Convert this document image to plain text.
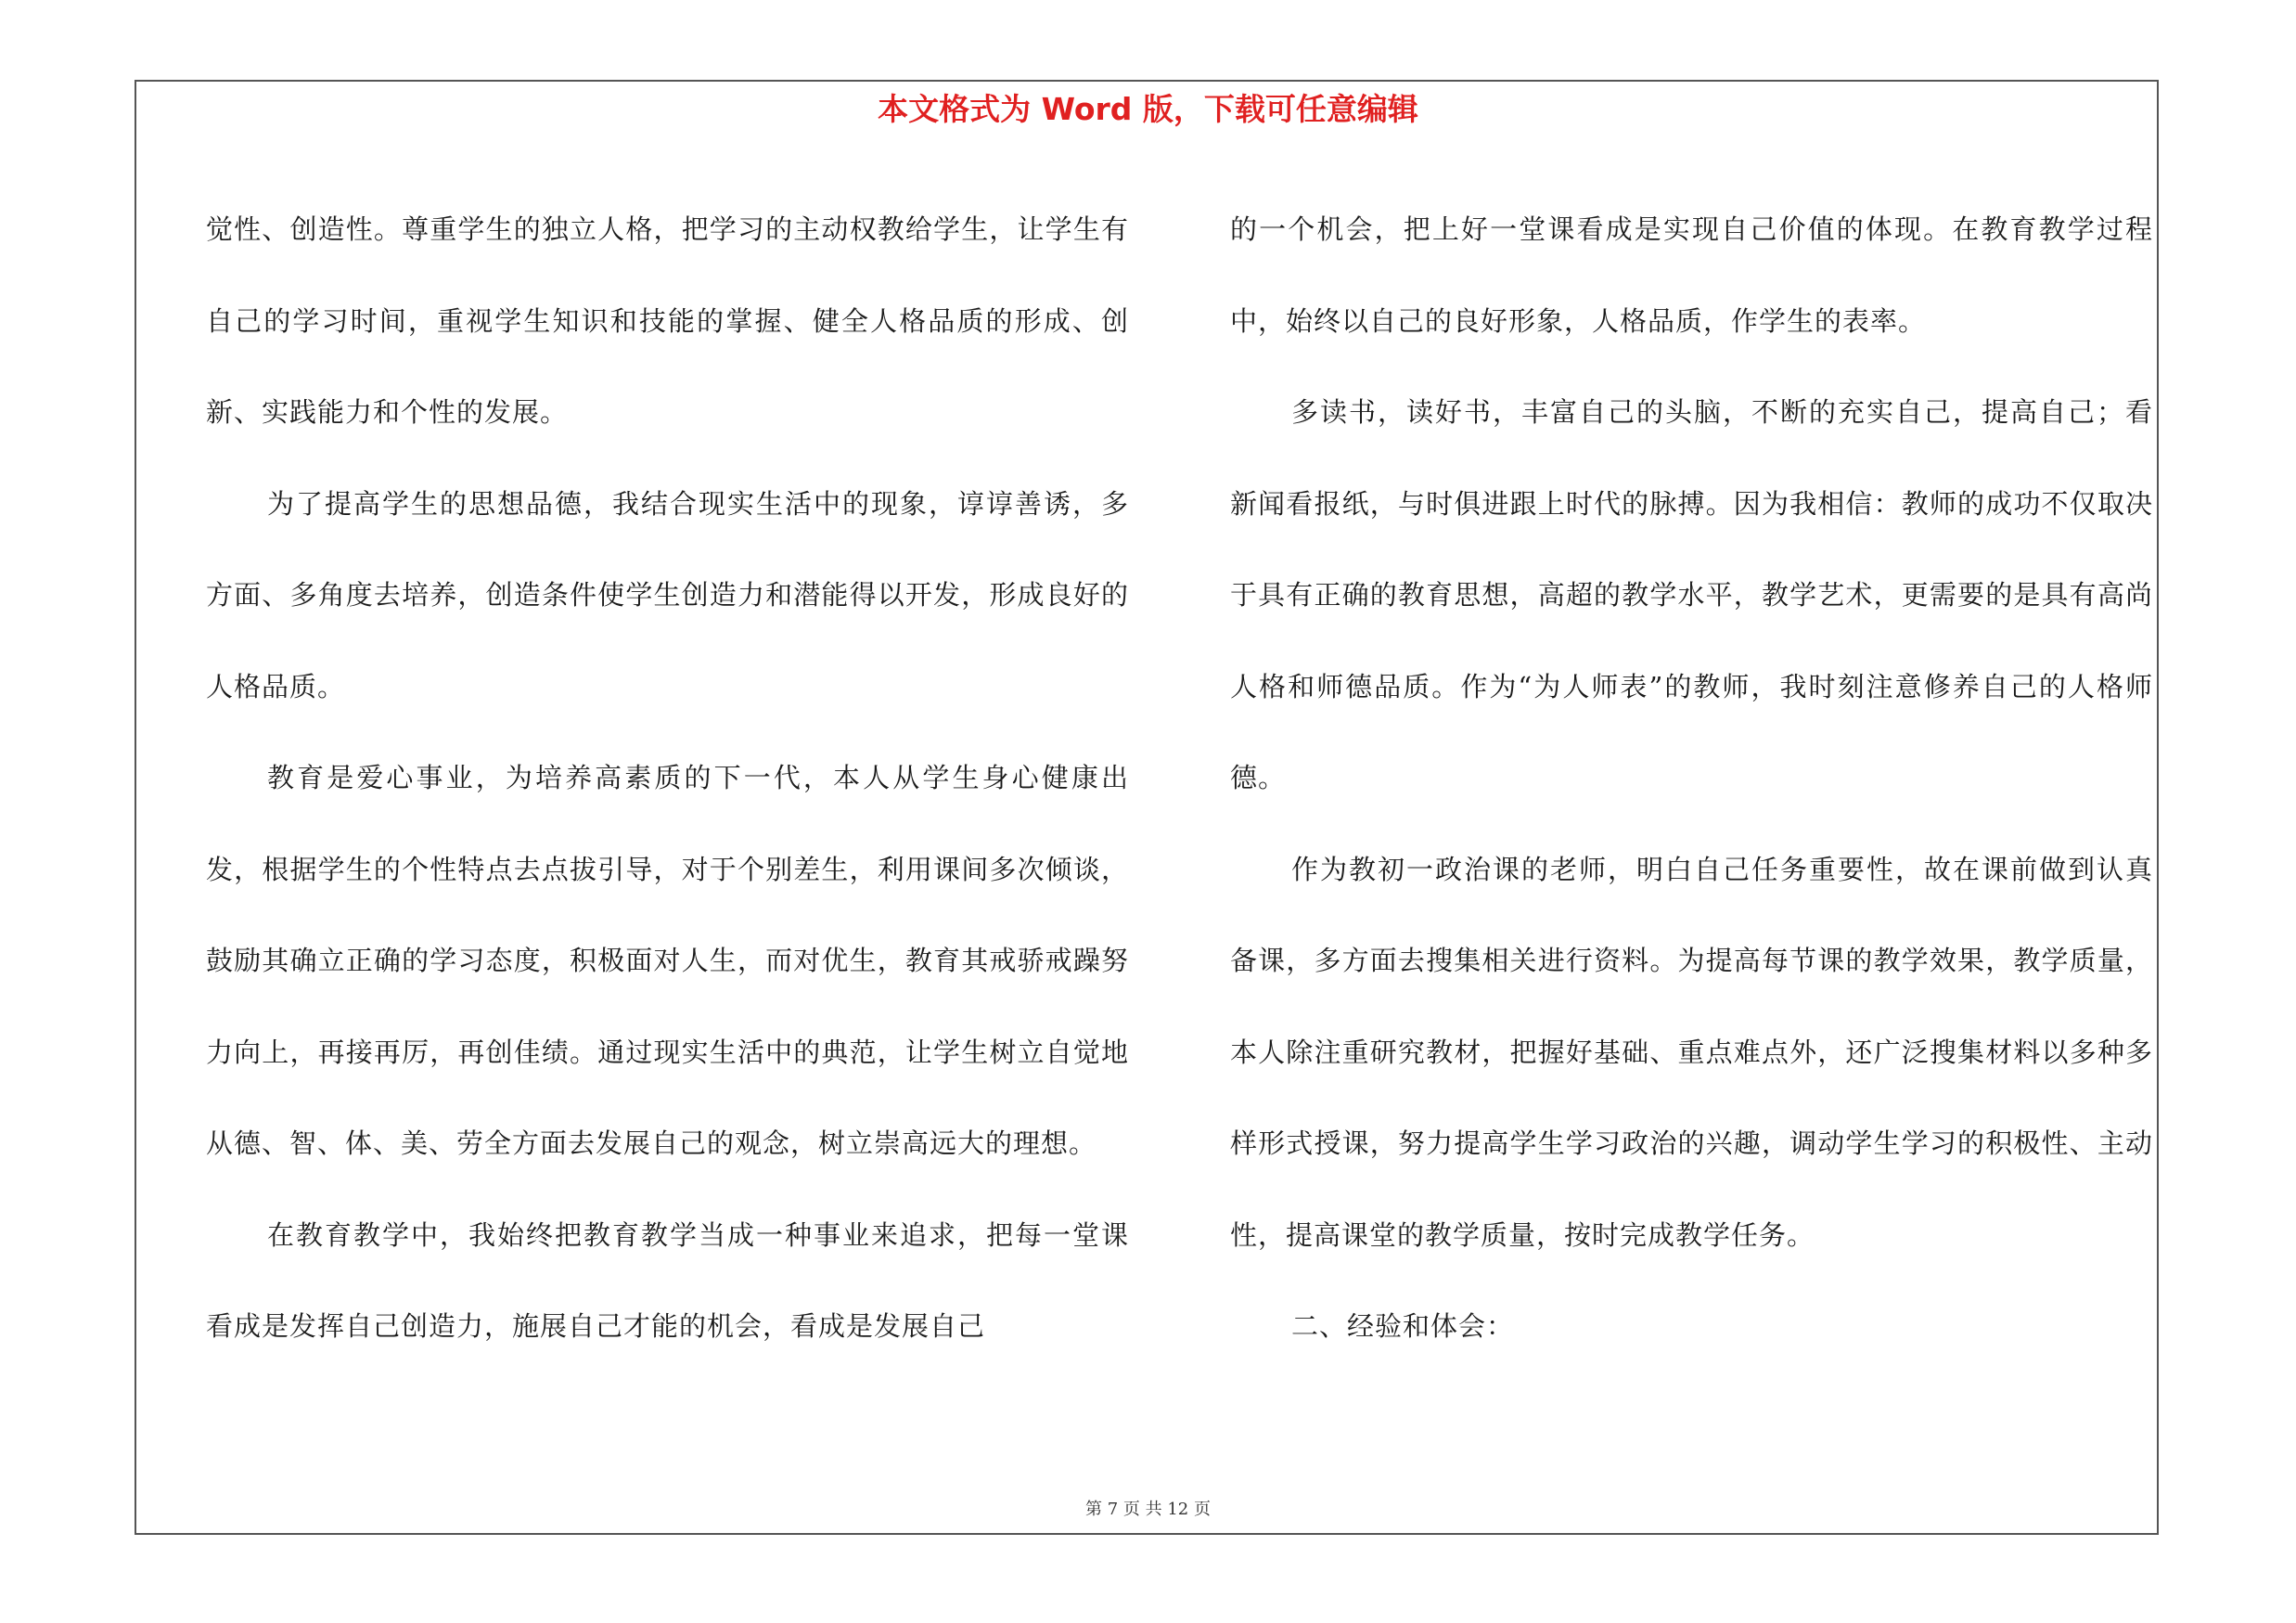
本文格式为 Word 版，下载可任意编辑

觉性、创造性。尊重学生的独立人格，把学习的主动权教给学生，让学生有自己的学习时间，重视学生知识和技能的掌握、健全人格品质的形成、创新、实践能力和个性的发展。

为了提高学生的思想品德，我结合现实生活中的现象，谆谆善诱，多方面、多角度去培养，创造条件使学生创造力和潜能得以开发，形成良好的人格品质。

教育是爱心事业，为培养高素质的下一代，本人从学生身心健康出发，根据学生的个性特点去点拔引导，对于个别差生，利用课间多次倾谈，鼓励其确立正确的学习态度，积极面对人生，而对优生，教育其戒骄戒躁努力向上，再接再厉，再创佳绩。通过现实生活中的典范，让学生树立自觉地从德、智、体、美、劳全方面去发展自己的观念，树立崇高远大的理想。

在教育教学中，我始终把教育教学当成一种事业来追求，把每一堂课看成是发挥自己创造力，施展自己才能的机会，看成是发展自己

的一个机会，把上好一堂课看成是实现自己价值的体现。在教育教学过程中，始终以自己的良好形象，人格品质，作学生的表率。

多读书，读好书，丰富自己的头脑，不断的充实自己，提高自己；看新闻看报纸，与时俱进跟上时代的脉搏。因为我相信：教师的成功不仅取决于具有正确的教育思想，高超的教学水平，教学艺术，更需要的是具有高尚人格和师德品质。作为“为人师表”的教师，我时刻注意修养自己的人格师德。

作为教初一政治课的老师，明白自己任务重要性，故在课前做到认真备课，多方面去搜集相关进行资料。为提高每节课的教学效果，教学质量，本人除注重研究教材，把握好基础、重点难点外，还广泛搜集材料以多种多样形式授课，努力提高学生学习政治的兴趣，调动学生学习的积极性、主动性，提高课堂的教学质量，按时完成教学任务。

二、经验和体会：

第 7 页 共 12 页
